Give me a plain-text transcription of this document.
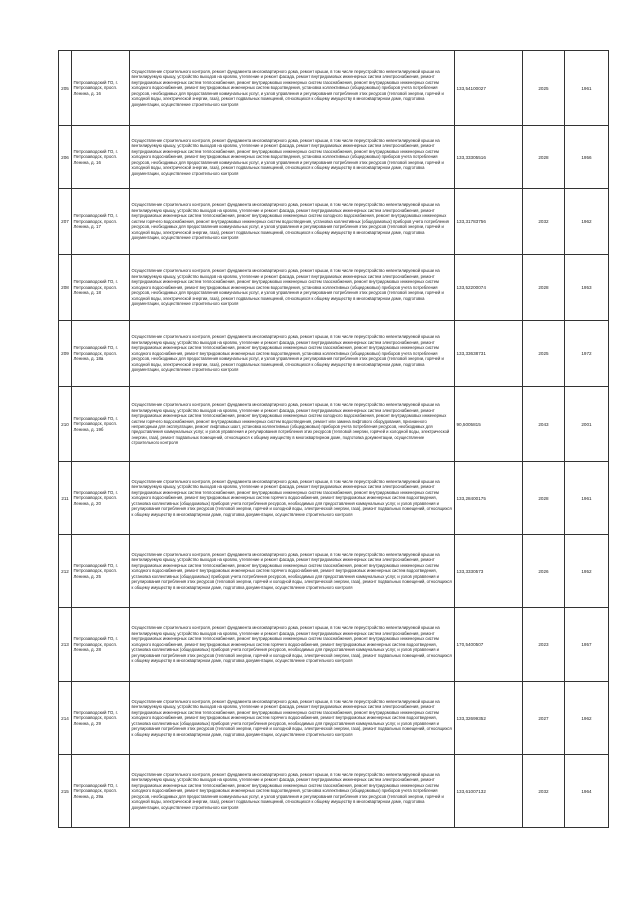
205	Петрозаводский ГО, г. Петрозаводск, просп. Ленина, д. 16	Осуществление строительного контроля, ремонт фундамента многоквартирного дома, ремонт крыши, в том числе переустройство невентилируемой крыши на вентилируемую крышу, устройство выходов на кровлю, утепление и ремонт фасада, ремонт внутридомовых инженерных систем электроснабжения, ремонт внутридомовых инженерных систем теплоснабжения, ремонт внутридомовых инженерных систем газоснабжения, ремонт внутридомовых инженерных систем холодного водоснабжения, ремонт внутридомовых инженерных систем водоотведения, установка коллективных (общедомовых) приборов учета потребления ресурсов, необходимых для предоставления коммунальных услуг, и узлов управления и регулирования потребления этих ресурсов (тепловой энергии, горячей и холодной воды, электрической энергии, газа), ремонт подвальных помещений, относящихся к общему имуществу в многоквартирном доме, подготовка документации, осуществление строительного контроля	133,54100027	2025	1961
206	Петрозаводский ГО, г. Петрозаводск, просп. Ленина, д. 16	Осуществление строительного контроля, ремонт фундамента многоквартирного дома, ремонт крыши, в том числе переустройство невентилируемой крыши на вентилируемую крышу, устройство выходов на кровлю, утепление и ремонт фасада, ремонт внутридомовых инженерных систем электроснабжения, ремонт внутридомовых инженерных систем теплоснабжения, ремонт внутридомовых инженерных систем газоснабжения, ремонт внутридомовых инженерных систем холодного водоснабжения, ремонт внутридомовых инженерных систем водоотведения, установка коллективных (общедомовых) приборов учета потребления ресурсов, необходимых для предоставления коммунальных услуг, и узлов управления и регулирования потребления этих ресурсов (тепловой энергии, горячей и холодной воды, электрической энергии, газа), ремонт подвальных помещений, относящихся к общему имуществу в многоквартирном доме, подготовка документации, осуществление строительного контроля	133,33305516	2028	1956
207	Петрозаводский ГО, г. Петрозаводск, просп. Ленина, д. 17	Осуществление строительного контроля, ремонт фундамента многоквартирного дома, ремонт крыши, в том числе переустройство невентилируемой крыши на вентилируемую крышу, устройство выходов на кровлю, утепление и ремонт фасада, ремонт внутридомовых инженерных систем электроснабжения, ремонт внутридомовых инженерных систем теплоснабжения, ремонт внутридомовых инженерных систем холодного водоснабжения, ремонт внутридомовых инженерных систем горячего водоснабжения, ремонт внутридомовых инженерных систем водоотведения, установка коллективных (общедомовых) приборов учета потребления ресурсов, необходимых для предоставления коммунальных услуг, и узлов управления и регулирования потребления этих ресурсов (тепловой энергии, горячей и холодной воды, электрической энергии, газа), ремонт подвальных помещений, относящихся к общему имуществу в многоквартирном доме, подготовка документации, осуществление строительного контроля	133,31783756	2032	1962
208	Петрозаводский ГО, г. Петрозаводск, просп. Ленина, д. 18	Осуществление строительного контроля, ремонт фундамента многоквартирного дома, ремонт крыши, в том числе переустройство невентилируемой крыши на вентилируемую крышу, устройство выходов на кровлю, утепление и ремонт фасада, ремонт внутридомовых инженерных систем электроснабжения, ремонт внутридомовых инженерных систем теплоснабжения, ремонт внутридомовых инженерных систем газоснабжения, ремонт внутридомовых инженерных систем холодного водоснабжения, ремонт внутридомовых инженерных систем водоотведения, установка коллективных (общедомовых) приборов учета потребления ресурсов, необходимых для предоставления коммунальных услуг, и узлов управления и регулирования потребления этих ресурсов (тепловой энергии, горячей и холодной воды, электрической энергии, газа), ремонт подвальных помещений, относящихся к общему имуществу в многоквартирном доме, подготовка документации, осуществление строительного контроля	133,52200074	2028	1953
209	Петрозаводский ГО, г. Петрозаводск, просп. Ленина, д. 18а	Осуществление строительного контроля, ремонт фундамента многоквартирного дома, ремонт крыши, в том числе переустройство невентилируемой крыши на вентилируемую крышу, устройство выходов на кровлю, утепление и ремонт фасада, ремонт внутридомовых инженерных систем электроснабжения, ремонт внутридомовых инженерных систем теплоснабжения, ремонт внутридомовых инженерных систем газоснабжения, ремонт внутридомовых инженерных систем холодного водоснабжения, ремонт внутридомовых инженерных систем водоотведения, установка коллективных (общедомовых) приборов учета потребления ресурсов, необходимых для предоставления коммунальных услуг, и узлов управления и регулирования потребления этих ресурсов (тепловой энергии, горячей и холодной воды, электрической энергии, газа), ремонт подвальных помещений, относящихся к общему имуществу в многоквартирном доме, подготовка документации, осуществление строительного контроля	133,33638731	2025	1972
210	Петрозаводский ГО, г. Петрозаводск, просп. Ленина, д. 19б	Осуществление строительного контроля, ремонт фундамента многоквартирного дома, ремонт крыши, в том числе переустройство невентилируемой крыши на вентилируемую крышу, устройство выходов на кровлю, утепление и ремонт фасада, ремонт внутридомовых инженерных систем электроснабжения, ремонт внутридомовых инженерных систем теплоснабжения, ремонт внутридомовых инженерных систем холодного водоснабжения, ремонт внутридомовых инженерных систем горячего водоснабжения, ремонт внутридомовых инженерных систем водоотведения, ремонт или замена лифтового оборудования, признанного непригодным для эксплуатации, ремонт лифтовых шахт, установка коллективных (общедомовых) приборов учета потребления ресурсов, необходимых для предоставления коммунальных услуг, и узлов управления и регулирования потребления этих ресурсов (тепловой энергии, горячей и холодной воды, электрической энергии, газа), ремонт подвальных помещений, относящихся к общему имуществу в многоквартирном доме, подготовка документации, осуществление строительного контроля	90,5005815	2043	2001
211	Петрозаводский ГО, г. Петрозаводск, просп. Ленина, д. 20	Осуществление строительного контроля, ремонт фундамента многоквартирного дома, ремонт крыши, в том числе переустройство невентилируемой крыши на вентилируемую крышу, устройство выходов на кровлю, утепление и ремонт фасада, ремонт внутридомовых инженерных систем электроснабжения, ремонт внутридомовых инженерных систем теплоснабжения, ремонт внутридомовых инженерных систем газоснабжения, ремонт внутридомовых инженерных систем холодного водоснабжения, ремонт внутридомовых инженерных систем горячего водоснабжения, ремонт внутридомовых инженерных систем водоотведения, установка коллективных (общедомовых) приборов учета потребления ресурсов, необходимых для предоставления коммунальных услуг, и узлов управления и регулирования потребления этих ресурсов (тепловой энергии, горячей и холодной воды, электрической энергии, газа), ремонт подвальных помещений, относящихся к общему имуществу в многоквартирном доме, подготовка документации, осуществление строительного контроля	133,28400175	2028	1961
212	Петрозаводский ГО, г. Петрозаводск, просп. Ленина, д. 25	Осуществление строительного контроля, ремонт фундамента многоквартирного дома, ремонт крыши, в том числе переустройство невентилируемой крыши на вентилируемую крышу, устройство выходов на кровлю, утепление и ремонт фасада, ремонт внутридомовых инженерных систем электроснабжения, ремонт внутридомовых инженерных систем теплоснабжения, ремонт внутридомовых инженерных систем газоснабжения, ремонт внутридомовых инженерных систем холодного водоснабжения, ремонт внутридомовых инженерных систем горячего водоснабжения, ремонт внутридомовых инженерных систем водоотведения, установка коллективных (общедомовых) приборов учета потребления ресурсов, необходимых для предоставления коммунальных услуг, и узлов управления и регулирования потребления этих ресурсов (тепловой энергии, горячей и холодной воды, электрической энергии, газа), ремонт подвальных помещений, относящихся к общему имуществу в многоквартирном доме, подготовка документации, осуществление строительного контроля	133,3330573	2026	1952
213	Петрозаводский ГО, г. Петрозаводск, просп. Ленина, д. 28	Осуществление строительного контроля, ремонт фундамента многоквартирного дома, ремонт крыши, в том числе переустройство невентилируемой крыши на вентилируемую крышу, устройство выходов на кровлю, утепление и ремонт фасада, ремонт внутридомовых инженерных систем электроснабжения, ремонт внутридомовых инженерных систем теплоснабжения, ремонт внутридомовых инженерных систем газоснабжения, ремонт внутридомовых инженерных систем холодного водоснабжения, ремонт внутридомовых инженерных систем горячего водоснабжения, ремонт внутридомовых инженерных систем водоотведения, установка коллективных (общедомовых) приборов учета потребления ресурсов, необходимых для предоставления коммунальных услуг, и узлов управления и регулирования потребления этих ресурсов (тепловой энергии, горячей и холодной воды, электрической энергии, газа), ремонт подвальных помещений, относящихся к общему имуществу в многоквартирном доме, подготовка документации, осуществление строительного контроля	170,5400507	2023	1957
214	Петрозаводский ГО, г. Петрозаводск, просп. Ленина, д. 29	Осуществление строительного контроля, ремонт фундамента многоквартирного дома, ремонт крыши, в том числе переустройство невентилируемой крыши на вентилируемую крышу, устройство выходов на кровлю, утепление и ремонт фасада, ремонт внутридомовых инженерных систем электроснабжения, ремонт внутридомовых инженерных систем теплоснабжения, ремонт внутридомовых инженерных систем газоснабжения, ремонт внутридомовых инженерных систем холодного водоснабжения, ремонт внутридомовых инженерных систем горячего водоснабжения, ремонт внутридомовых инженерных систем водоотведения, установка коллективных (общедомовых) приборов учета потребления ресурсов, необходимых для предоставления коммунальных услуг, и узлов управления и регулирования потребления этих ресурсов (тепловой энергии, горячей и холодной воды, электрической энергии, газа), ремонт подвальных помещений, относящихся к общему имуществу в многоквартирном доме, подготовка документации, осуществление строительного контроля	133,32699352	2027	1962
215	Петрозаводский ГО, г. Петрозаводск, просп. Ленина, д. 29а	Осуществление строительного контроля, ремонт фундамента многоквартирного дома, ремонт крыши, в том числе переустройство невентилируемой крыши на вентилируемую крышу, устройство выходов на кровлю, утепление и ремонт фасада, ремонт внутридомовых инженерных систем электроснабжения, ремонт внутридомовых инженерных систем теплоснабжения, ремонт внутридомовых инженерных систем газоснабжения, ремонт внутридомовых инженерных систем холодного водоснабжения, ремонт внутридомовых инженерных систем водоотведения, установка коллективных (общедомовых) приборов учета потребления ресурсов, необходимых для предоставления коммунальных услуг, и узлов управления и регулирования потребления этих ресурсов (тепловой энергии, горячей и холодной воды, электрической энергии, газа), ремонт подвальных помещений, относящихся к общему имуществу в многоквартирном доме, подготовка документации, осуществление строительного контроля	133,61007132	2032	1964
